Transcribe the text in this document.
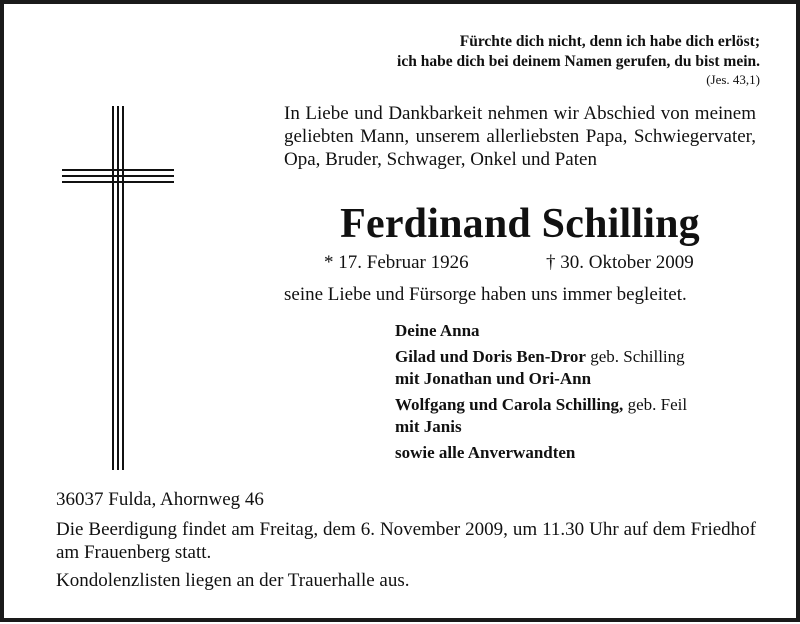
Fürchte dich nicht, denn ich habe dich erlöst;
ich habe dich bei deinem Namen gerufen, du bist mein.
(Jes. 43,1)
In Liebe und Dankbarkeit nehmen wir Abschied von meinem geliebten Mann, unserem allerliebsten Papa, Schwiegervater, Opa, Bruder, Schwager, Onkel und Paten
Ferdinand Schilling
* 17. Februar 1926	† 30. Oktober 2009
seine Liebe und Fürsorge haben uns immer begleitet.
Deine Anna
Gilad und Doris Ben-Dror geb. Schilling
mit Jonathan und Ori-Ann
Wolfgang und Carola Schilling, geb. Feil
mit Janis
sowie alle Anverwandten
36037 Fulda, Ahornweg 46
Die Beerdigung findet am Freitag, dem 6. November 2009, um 11.30 Uhr auf dem Friedhof am Frauenberg statt.
Kondolenzlisten liegen an der Trauerhalle aus.
